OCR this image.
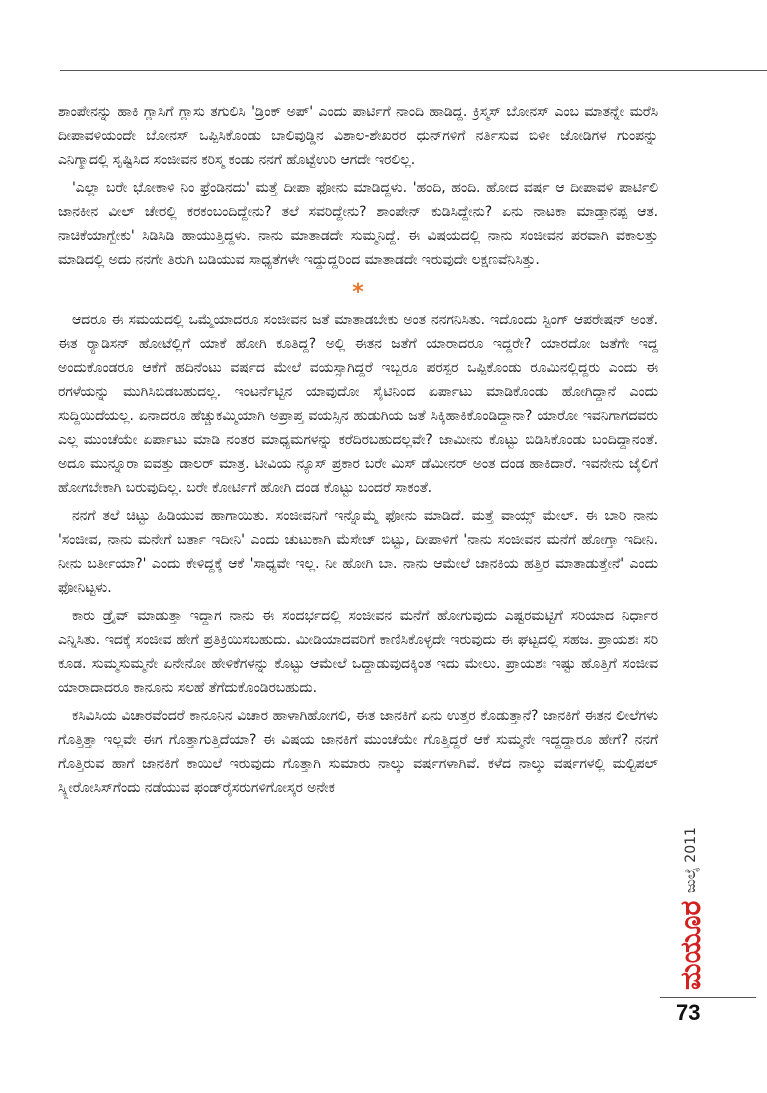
ಶಾಂಪೇನನ್ನು ಹಾಕಿ ಗ್ಲಾಸಿಗೆ ಗ್ಲಾಸು ತಗುಲಿಸಿ 'ಡ್ರಿಂಕ್ ಅಪ್' ಎಂದು ಪಾರ್ಟಿಗೆ ನಾಂದಿ ಹಾಡಿದ್ದ. ಕ್ರಿಸ್ಮಸ್ ಬೋನಸ್ ಎಂಬ ಮಾತನ್ನೇ ಮರೆಸಿ ದೀಪಾವಳಿಯಂದೇ ಬೋನಸ್ ಒಪ್ಪಿಸಿಕೊಂಡು ಬಾಲಿವುಡ್ಡಿನ ವಿಶಾಲ-ಶೇಖರರ ಧುನ್‌ಗಳಿಗೆ ನರ್ತಿಸುವ ಬಿಳೀ ಜೋಡಿಗಳ ಗುಂಪನ್ನು ಎನಿಗ್ಮಾದಲ್ಲಿ ಸೃಷ್ಟಿಸಿದ ಸಂಜೀವನ ಕರಿಸ್ಮ ಕಂಡು ನನಗೆ ಹೊಟ್ಟೆಉರಿ ಆಗದೇ ಇರಲಿಲ್ಲ.

'ಎಲ್ಲಾ ಬರೇ ಭೋಕಾಳಿ ನಿಂ ಫ್ರೆಂಡಿನದು' ಮತ್ತೆ ದೀಪಾ ಫೋನು ಮಾಡಿದ್ದಳು. 'ಹಂದಿ, ಹಂದಿ. ಹೋದ ವರ್ಷ ಆ ದೀಪಾವಳಿ ಪಾರ್ಟಿಲಿ ಜಾನಕೀನ ವೀಲ್ ಚೇರಲ್ಲಿ ಕರಕಂಬಂದಿದ್ದೇನು? ತಲೆ ಸವರಿದ್ದೇನು? ಶಾಂಪೇನ್ ಕುಡಿಸಿದ್ದೇನು? ಏನು ನಾಟಕಾ ಮಾಡ್ತಾನಪ್ಪ ಆತ. ನಾಚಿಕೆಯಾಗ್ಬೇಕು' ಸಿಡಿಸಿಡಿ ಹಾಯುತ್ತಿದ್ದಳು. ನಾನು ಮಾತಾಡದೇ ಸುಮ್ಮನಿದ್ದೆ. ಈ ವಿಷಯದಲ್ಲಿ ನಾನು ಸಂಜೀವನ ಪರವಾಗಿ ವಕಾಲತ್ತು ಮಾಡಿದಲ್ಲಿ ಅದು ನನಗೇ ತಿರುಗಿ ಬಡಿಯುವ ಸಾಧ್ಯತೆಗಳೇ ಇದ್ದುದ್ದರಿಂದ ಮಾತಾಡದೇ ಇರುವುದೇ ಲಕ್ಷಣವೆನಿಸಿತ್ತು.

*

ಆದರೂ ಈ ಸಮಯದಲ್ಲಿ ಒಮ್ಮೆಯಾದರೂ ಸಂಜೀವನ ಜತೆ ಮಾತಾಡಬೇಕು ಅಂತ ನನಗನಿಸಿತು. ಇದೊಂದು ಸ್ಟಿಂಗ್ ಆಪರೇಷನ್ ಅಂತೆ. ಈತ ರ‍್ಯಾಡಿಸನ್ ಹೋಟೆಲ್ಲಿಗೆ ಯಾಕೆ ಹೋಗಿ ಕೂತಿದ್ದ? ಅಲ್ಲಿ ಈತನ ಜತೆಗೆ ಯಾರಾದರೂ ಇದ್ದರೇ? ಯಾರದೋ ಜತೆಗೇ ಇದ್ದ ಅಂದುಕೊಂಡರೂ ಆಕೆಗೆ ಹದಿನೆಂಟು ವರ್ಷದ ಮೇಲೆ ವಯಸ್ಸಾಗಿದ್ದರೆ ಇಬ್ಬರೂ ಪರಸ್ಪರ ಒಪ್ಪಿಕೊಂಡು ರೂಮಿನಲ್ಲಿದ್ದರು ಎಂದು ಈ ರಗಳೆಯನ್ನು ಮುಗಿಸಿಬಿಡಬಹುದಲ್ಲ. ಇಂಟರ್ನೆಟ್ಟಿನ ಯಾವುದೋ ಸೈಟಿನಿಂದ ಏರ್ಪಾಟು ಮಾಡಿಕೊಂಡು ಹೋಗಿದ್ದಾನೆ ಎಂದು ಸುದ್ದಿಯಿದೆಯಲ್ಲ. ಏನಾದರೂ ಹೆಚ್ಚುಕಮ್ಮಿಯಾಗಿ ಅಪ್ರಾಪ್ತ ವಯಸ್ಸಿನ ಹುಡುಗಿಯ ಜತೆ ಸಿಕ್ಕಿಹಾಕಿಕೊಂಡಿದ್ದಾನಾ? ಯಾರೋ ಇವನಿಗಾಗದವರು ಎಲ್ಲ ಮುಂಚೆಯೇ ಏರ್ಪಾಟು ಮಾಡಿ ನಂತರ ಮಾಧ್ಯಮಗಳನ್ನು ಕರೆದಿರಬಹುದಲ್ಲವೇ? ಜಾಮೀನು ಕೊಟ್ಟು ಬಿಡಿಸಿಕೊಂಡು ಬಂದಿದ್ದಾನಂತೆ. ಅದೂ ಮುನ್ನೂರಾ ಐವತ್ತು ಡಾಲರ್ ಮಾತ್ರ. ಟೀವಿಯ ನ್ಯೂಸ್ ಪ್ರಕಾರ ಬರೇ ಮಿಸ್ ಡೆಮೀನರ್ ಅಂತ ದಂಡ ಹಾಕಿದಾರೆ. ಇವನೇನು ಜೈಲಿಗೆ ಹೋಗಬೇಕಾಗಿ ಬರುವುದಿಲ್ಲ. ಬರೇ ಕೋರ್ಟಿಗೆ ಹೋಗಿ ದಂಡ ಕೊಟ್ಟು ಬಂದರೆ ಸಾಕಂತೆ.

ನನಗೆ ತಲೆ ಚಿಟ್ಟು ಹಿಡಿಯುವ ಹಾಗಾಯಿತು. ಸಂಜೀವನಿಗೆ ಇನ್ನೊಮ್ಮೆ ಫೋನು ಮಾಡಿದೆ. ಮತ್ತೆ ವಾಯ್ಸ್ ಮೇಲ್. ಈ ಬಾರಿ ನಾನು 'ಸಂಜೀವ, ನಾನು ಮನೇಗೆ ಬರ್ತಾ ಇದೀನಿ' ಎಂದು ಚುಟುಕಾಗಿ ಮೆಸೇಜ್ ಬಿಟ್ಟು, ದೀಪಾಳಿಗೆ 'ನಾನು ಸಂಜೀವನ ಮನೆಗೆ ಹೋಗ್ತಾ ಇದೀನಿ. ನೀನು ಬರ್ತೀಯಾ?' ಎಂದು ಕೇಳಿದ್ದಕ್ಕೆ ಆಕೆ 'ಸಾಧ್ಯವೇ ಇಲ್ಲ. ನೀ ಹೋಗಿ ಬಾ. ನಾನು ಆಮೇಲೆ ಜಾನಕಿಯ ಹತ್ತಿರ ಮಾತಾಡುತ್ತೇನೆ' ಎಂದು ಫೋನಿಟ್ಟಳು.

ಕಾರು ಡ್ರೈವ್ ಮಾಡುತ್ತಾ ಇದ್ದಾಗ ನಾನು ಈ ಸಂದರ್ಭದಲ್ಲಿ ಸಂಜೀವನ ಮನೆಗೆ ಹೋಗುವುದು ಎಷ್ಟರಮಟ್ಟಿಗೆ ಸರಿಯಾದ ನಿರ್ಧಾರ ಎನ್ನಿಸಿತು. ಇದಕ್ಕೆ ಸಂಜೀವ ಹೇಗೆ ಪ್ರತಿಕ್ರಿಯಿಸಬಹುದು. ಮೀಡಿಯಾದವರಿಗೆ ಕಾಣಿಸಿಕೊಳ್ಳದೇ ಇರುವುದು ಈ ಘಟ್ಟದಲ್ಲಿ ಸಹಜ. ಪ್ರಾಯಶಃ ಸರಿ ಕೂಡ. ಸುಮ್ಮಸುಮ್ಮನೇ ಏನೇನೋ ಹೇಳಿಕೆಗಳನ್ನು ಕೊಟ್ಟು ಆಮೇಲೆ ಒದ್ದಾಡುವುದಕ್ಕಿಂತ ಇದು ಮೇಲು. ಪ್ರಾಯಶಃ ಇಷ್ಟು ಹೊತ್ತಿಗೆ ಸಂಜೀವ ಯಾರಾದಾದರೂ ಕಾನೂನು ಸಲಹೆ ತೆಗೆದುಕೊಂಡಿರಬಹುದು.

ಕಸಿವಿಸಿಯ ವಿಚಾರವೆಂದರೆ ಕಾನೂನಿನ ವಿಚಾರ ಹಾಳಾಗಿಹೋಗಲಿ, ಈತ ಜಾನಕಿಗೆ ಏನು ಉತ್ತರ ಕೊಡುತ್ತಾನೆ? ಜಾನಕಿಗೆ ಈತನ ಲೀಲೆಗಳು ಗೊತ್ತಿತ್ತಾ ಇಲ್ಲವೇ ಈಗ ಗೊತ್ತಾಗುತ್ತಿದೆಯಾ? ಈ ವಿಷಯ ಜಾನಕಿಗೆ ಮುಂಚೆಯೇ ಗೊತ್ತಿದ್ದರೆ ಆಕೆ ಸುಮ್ಮನೇ ಇದ್ದದ್ದಾರೂ ಹೇಗೆ? ನನಗೆ ಗೊತ್ತಿರುವ ಹಾಗೆ ಜಾನಕಿಗೆ ಕಾಯಿಲೆ ಇರುವುದು ಗೊತ್ತಾಗಿ ಸುಮಾರು ನಾಲ್ಕು ವರ್ಷಗಳಾಗಿವೆ. ಕಳೆದ ನಾಲ್ಕು ವರ್ಷಗಳಲ್ಲಿ ಮಲ್ಟಿಪಲ್ ಸ್ಕ್ಲೀರೋಸಿಸ್‌ಗೆಂದು ನಡೆಯುವ ಫಂಡ್‌ರೈಸರುಗಳಿಗೋಸ್ಕರ ಅನೇಕ

ಮಯೂರ
ಜುಲೈ 2011
73
